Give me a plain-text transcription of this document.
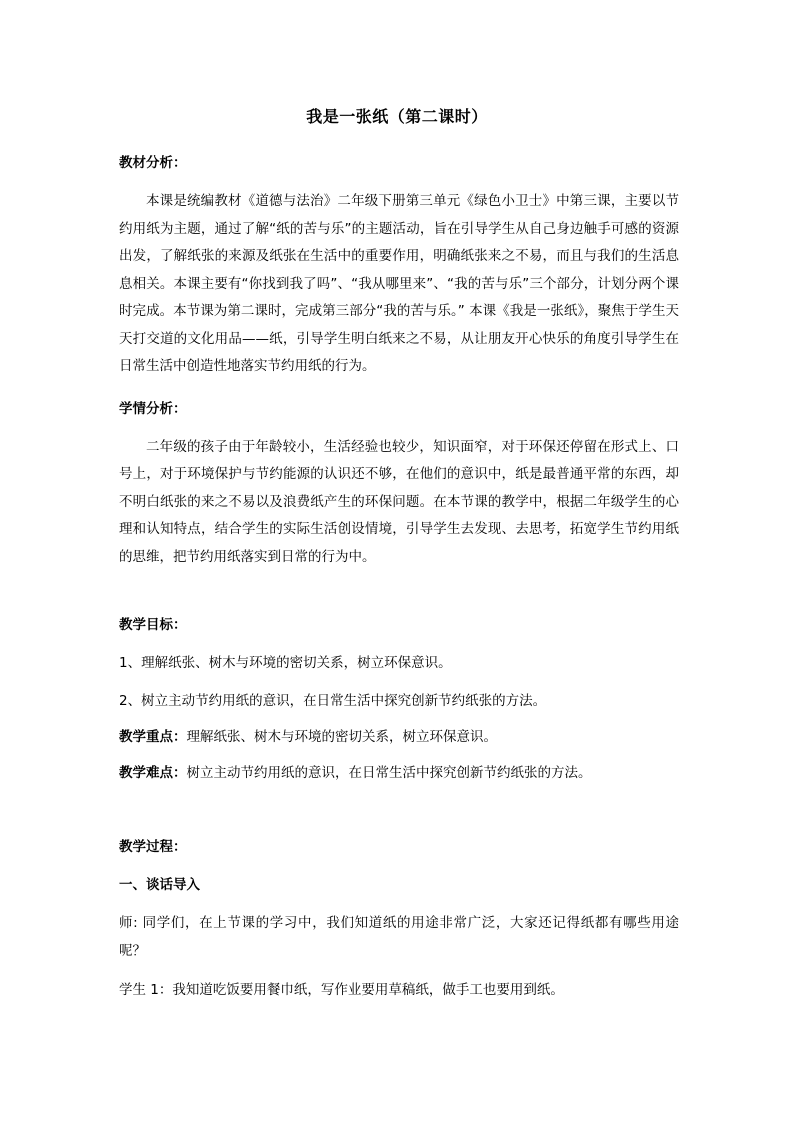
我是一张纸（第二课时）

教材分析：

本课是统编教材《道德与法治》二年级下册第三单元《绿色小卫士》中第三课，主要以节约用纸为主题，通过了解“纸的苦与乐”的主题活动，旨在引导学生从自己身边触手可感的资源出发，了解纸张的来源及纸张在生活中的重要作用，明确纸张来之不易，而且与我们的生活息息相关。本课主要有“你找到我了吗”、“我从哪里来”、“我的苦与乐”三个部分，计划分两个课时完成。本节课为第二课时，完成第三部分“我的苦与乐。” 本课《我是一张纸》，聚焦于学生天天打交道的文化用品——纸，引导学生明白纸来之不易，从让朋友开心快乐的角度引导学生在日常生活中创造性地落实节约用纸的行为。

学情分析：

二年级的孩子由于年龄较小，生活经验也较少，知识面窄，对于环保还停留在形式上、口号上，对于环境保护与节约能源的认识还不够，在他们的意识中，纸是最普通平常的东西，却不明白纸张的来之不易以及浪费纸产生的环保问题。在本节课的教学中，根据二年级学生的心理和认知特点，结合学生的实际生活创设情境，引导学生去发现、去思考，拓宽学生节约用纸的思维，把节约用纸落实到日常的行为中。

教学目标：

1、理解纸张、树木与环境的密切关系，树立环保意识。

2、树立主动节约用纸的意识，在日常生活中探究创新节约纸张的方法。

教学重点：理解纸张、树木与环境的密切关系，树立环保意识。

教学难点：树立主动节约用纸的意识，在日常生活中探究创新节约纸张的方法。

教学过程：

一、谈话导入

师: 同学们，在上节课的学习中，我们知道纸的用途非常广泛，大家还记得纸都有哪些用途呢？

学生 1：我知道吃饭要用餐巾纸，写作业要用草稿纸，做手工也要用到纸。
